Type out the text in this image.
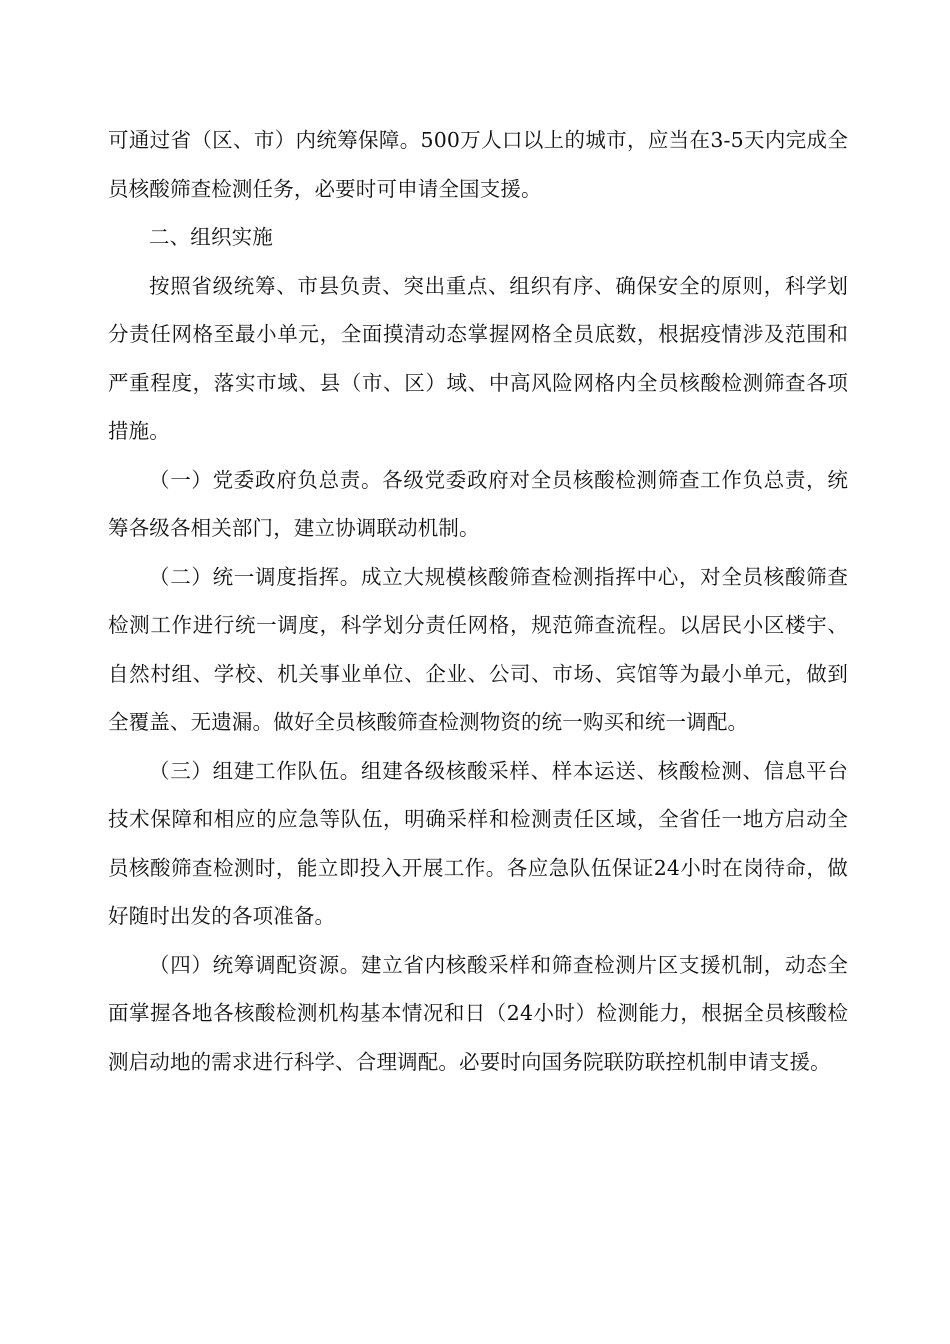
可通过省（区、市）内统筹保障。500万人口以上的城市，应当在3-5天内完成全员核酸筛查检测任务，必要时可申请全国支援。

二、组织实施

按照省级统筹、市县负责、突出重点、组织有序、确保安全的原则，科学划分责任网格至最小单元，全面摸清动态掌握网格全员底数，根据疫情涉及范围和严重程度，落实市域、县（市、区）域、中高风险网格内全员核酸检测筛查各项措施。

（一）党委政府负总责。各级党委政府对全员核酸检测筛查工作负总责，统筹各级各相关部门，建立协调联动机制。

（二）统一调度指挥。成立大规模核酸筛查检测指挥中心，对全员核酸筛查检测工作进行统一调度，科学划分责任网格，规范筛查流程。以居民小区楼宇、自然村组、学校、机关事业单位、企业、公司、市场、宾馆等为最小单元，做到全覆盖、无遗漏。做好全员核酸筛查检测物资的统一购买和统一调配。

（三）组建工作队伍。组建各级核酸采样、样本运送、核酸检测、信息平台技术保障和相应的应急等队伍，明确采样和检测责任区域，全省任一地方启动全员核酸筛查检测时，能立即投入开展工作。各应急队伍保证24小时在岗待命，做好随时出发的各项准备。

（四）统筹调配资源。建立省内核酸采样和筛查检测片区支援机制，动态全面掌握各地各核酸检测机构基本情况和日（24小时）检测能力，根据全员核酸检测启动地的需求进行科学、合理调配。必要时向国务院联防联控机制申请支援。
